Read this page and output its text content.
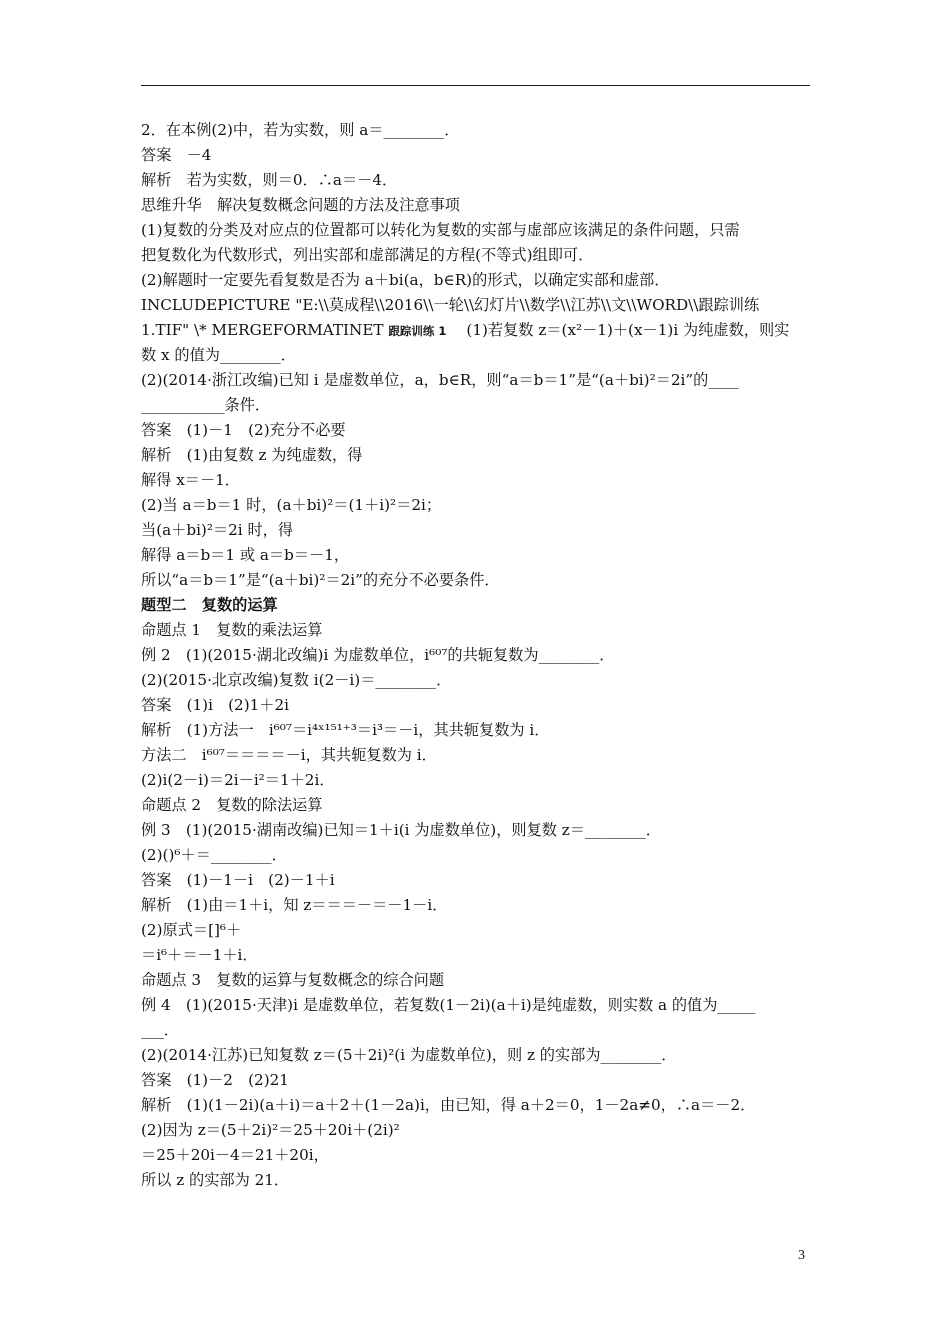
2．在本例(2)中，若为实数，则 a＝________．
答案　－4
解析　若为实数，则＝0．∴a＝－4．
思维升华　解决复数概念问题的方法及注意事项
(1)复数的分类及对应点的位置都可以转化为复数的实部与虚部应该满足的条件问题，只需
把复数化为代数形式，列出实部和虚部满足的方程(不等式)组即可．
(2)解题时一定要先看复数是否为 a＋bi(a，b∈R)的形式，以确定实部和虚部．
INCLUDEPICTURE "E:\\莫成程\\2016\\一轮\\幻灯片\\数学\\江苏\\文\\WORD\\跟踪训练
1.TIF" \* MERGEFORMATINET 跟踪训练 1 　(1)若复数 z＝(x²－1)＋(x－1)i 为纯虚数，则实
数 x 的值为________．
(2)(2014·浙江改编)已知 i 是虚数单位，a，b∈R，则“a＝b＝1”是“(a＋bi)²＝2i”的____
___________条件．
答案　(1)－1　(2)充分不必要
解析　(1)由复数 z 为纯虚数，得
解得 x＝－1．
(2)当 a＝b＝1 时，(a＋bi)²＝(1＋i)²＝2i；
当(a＋bi)²＝2i 时，得
解得 a＝b＝1 或 a＝b＝－1，
所以“a＝b＝1”是“(a＋bi)²＝2i”的充分不必要条件．
题型二　复数的运算
命题点 1　复数的乘法运算
例 2　(1)(2015·湖北改编)i 为虚数单位，i⁶⁰⁷的共轭复数为________．
(2)(2015·北京改编)复数 i(2－i)＝________．
答案　(1)i　(2)1＋2i
解析　(1)方法一　i⁶⁰⁷＝i⁴ˣ¹⁵¹⁺³＝i³＝－i，其共轭复数为 i．
方法二　i⁶⁰⁷＝＝＝＝－i，其共轭复数为 i．
(2)i(2－i)＝2i－i²＝1＋2i．
命题点 2　复数的除法运算
例 3　(1)(2015·湖南改编)已知＝1＋i(i 为虚数单位)，则复数 z＝________．
(2)()⁶＋＝________．
答案　(1)－1－i　(2)－1＋i
解析　(1)由＝1＋i，知 z＝＝＝－＝－1－i．
(2)原式＝[]⁶＋
＝i⁶＋＝－1＋i．
命题点 3　复数的运算与复数概念的综合问题
例 4　(1)(2015·天津)i 是虚数单位，若复数(1－2i)(a＋i)是纯虚数，则实数 a 的值为_____
___．
(2)(2014·江苏)已知复数 z＝(5＋2i)²(i 为虚数单位)，则 z 的实部为________．
答案　(1)－2　(2)21
解析　(1)(1－2i)(a＋i)＝a＋2＋(1－2a)i，由已知，得 a＋2＝0，1－2a≠0，∴a＝－2．
(2)因为 z＝(5＋2i)²＝25＋20i＋(2i)²
＝25＋20i－4＝21＋20i，
所以 z 的实部为 21．
3
